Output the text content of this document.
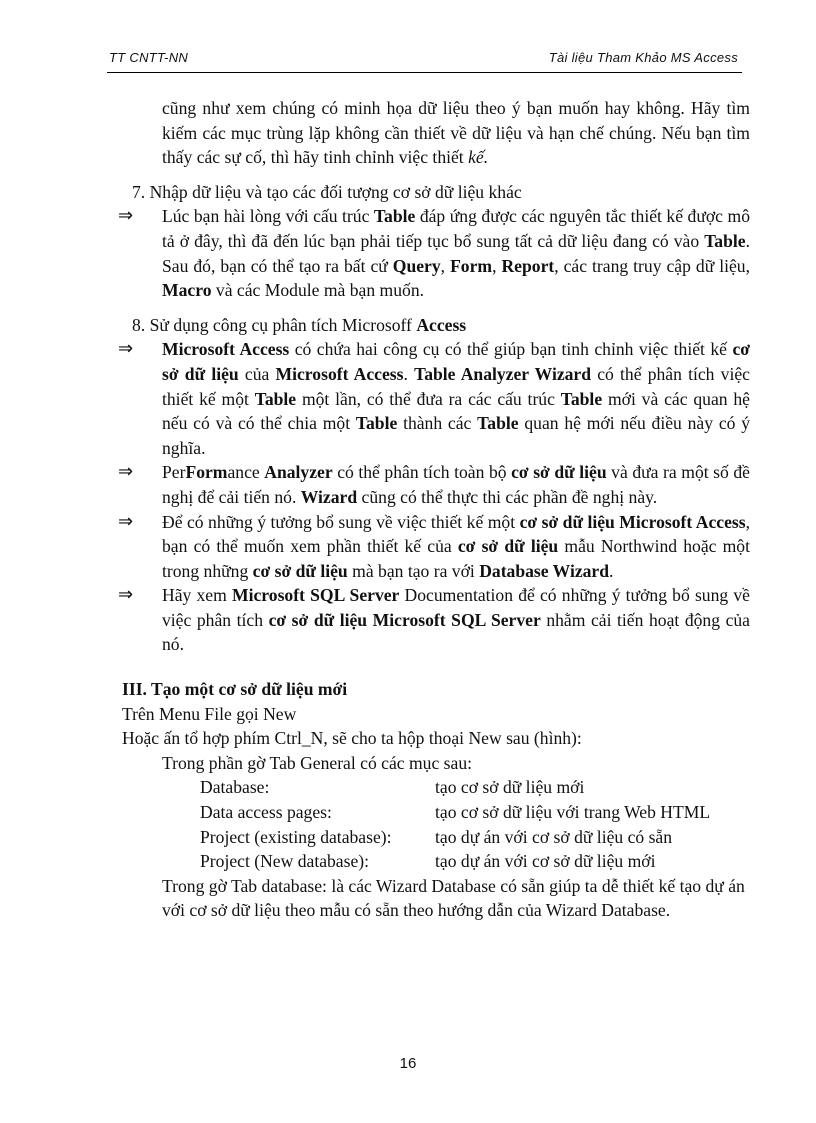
TT CNTT-NN	Tài liệu Tham Khảo MS Access
cũng như xem chúng có minh họa dữ liệu theo ý bạn muốn hay không. Hãy tìm kiếm các mục trùng lặp không cần thiết về dữ liệu và hạn chế chúng. Nếu bạn tìm thấy các sự cố, thì hãy tinh chỉnh việc thiết kế.
7. Nhập dữ liệu và tạo các đối tượng cơ sở dữ liệu khác
⇒ Lúc bạn hài lòng với cấu trúc Table đáp ứng được các nguyên tắc thiết kế được mô tả ở đây, thì đã đến lúc bạn phải tiếp tục bổ sung tất cả dữ liệu đang có vào Table. Sau đó, bạn có thể tạo ra bất cứ Query, Form, Report, các trang truy cập dữ liệu, Macro và các Module mà bạn muốn.
8. Sử dụng công cụ phân tích Microsoff Access
⇒ Microsoft Access có chứa hai công cụ có thể giúp bạn tinh chỉnh việc thiết kế cơ sở dữ liệu của Microsoft Access. Table Analyzer Wizard có thể phân tích việc thiết kế một Table một lần, có thể đưa ra các cấu trúc Table mới và các quan hệ nếu có và có thể chia một Table thành các Table quan hệ mới nếu điều này có ý nghĩa.
⇒ PerFormance Analyzer có thể phân tích toàn bộ cơ sở dữ liệu và đưa ra một số đề nghị để cải tiến nó. Wizard cũng có thể thực thi các phần đề nghị này.
⇒ Để có những ý tưởng bổ sung về việc thiết kế một cơ sở dữ liệu Microsoft Access, bạn có thể muốn xem phần thiết kế của cơ sở dữ liệu mẫu Northwind hoặc một trong những cơ sở dữ liệu mà bạn tạo ra với Database Wizard.
⇒ Hãy xem Microsoft SQL Server Documentation để có những ý tưởng bổ sung về việc phân tích cơ sở dữ liệu Microsoft SQL Server nhằm cải tiến hoạt động của nó.
III. Tạo một cơ sở dữ liệu mới
Trên Menu File gọi New
Hoặc ấn tổ hợp phím Ctrl_N, sẽ cho ta hộp thoại New sau (hình):
Trong phần gờ Tab General có các mục sau:
Database:	tạo cơ sở dữ liệu mới
Data access pages:	tạo cơ sở dữ liệu với trang Web HTML
Project (existing database):	tạo dự án với cơ sở dữ liệu có sẵn
Project (New database):	tạo dự án với cơ sở dữ liệu mới
Trong gờ Tab database: là các Wizard Database có sẵn giúp ta dễ thiết kế tạo dự án với cơ sở dữ liệu theo mẫu có sẵn theo hướng dẫn của Wizard Database.
16
